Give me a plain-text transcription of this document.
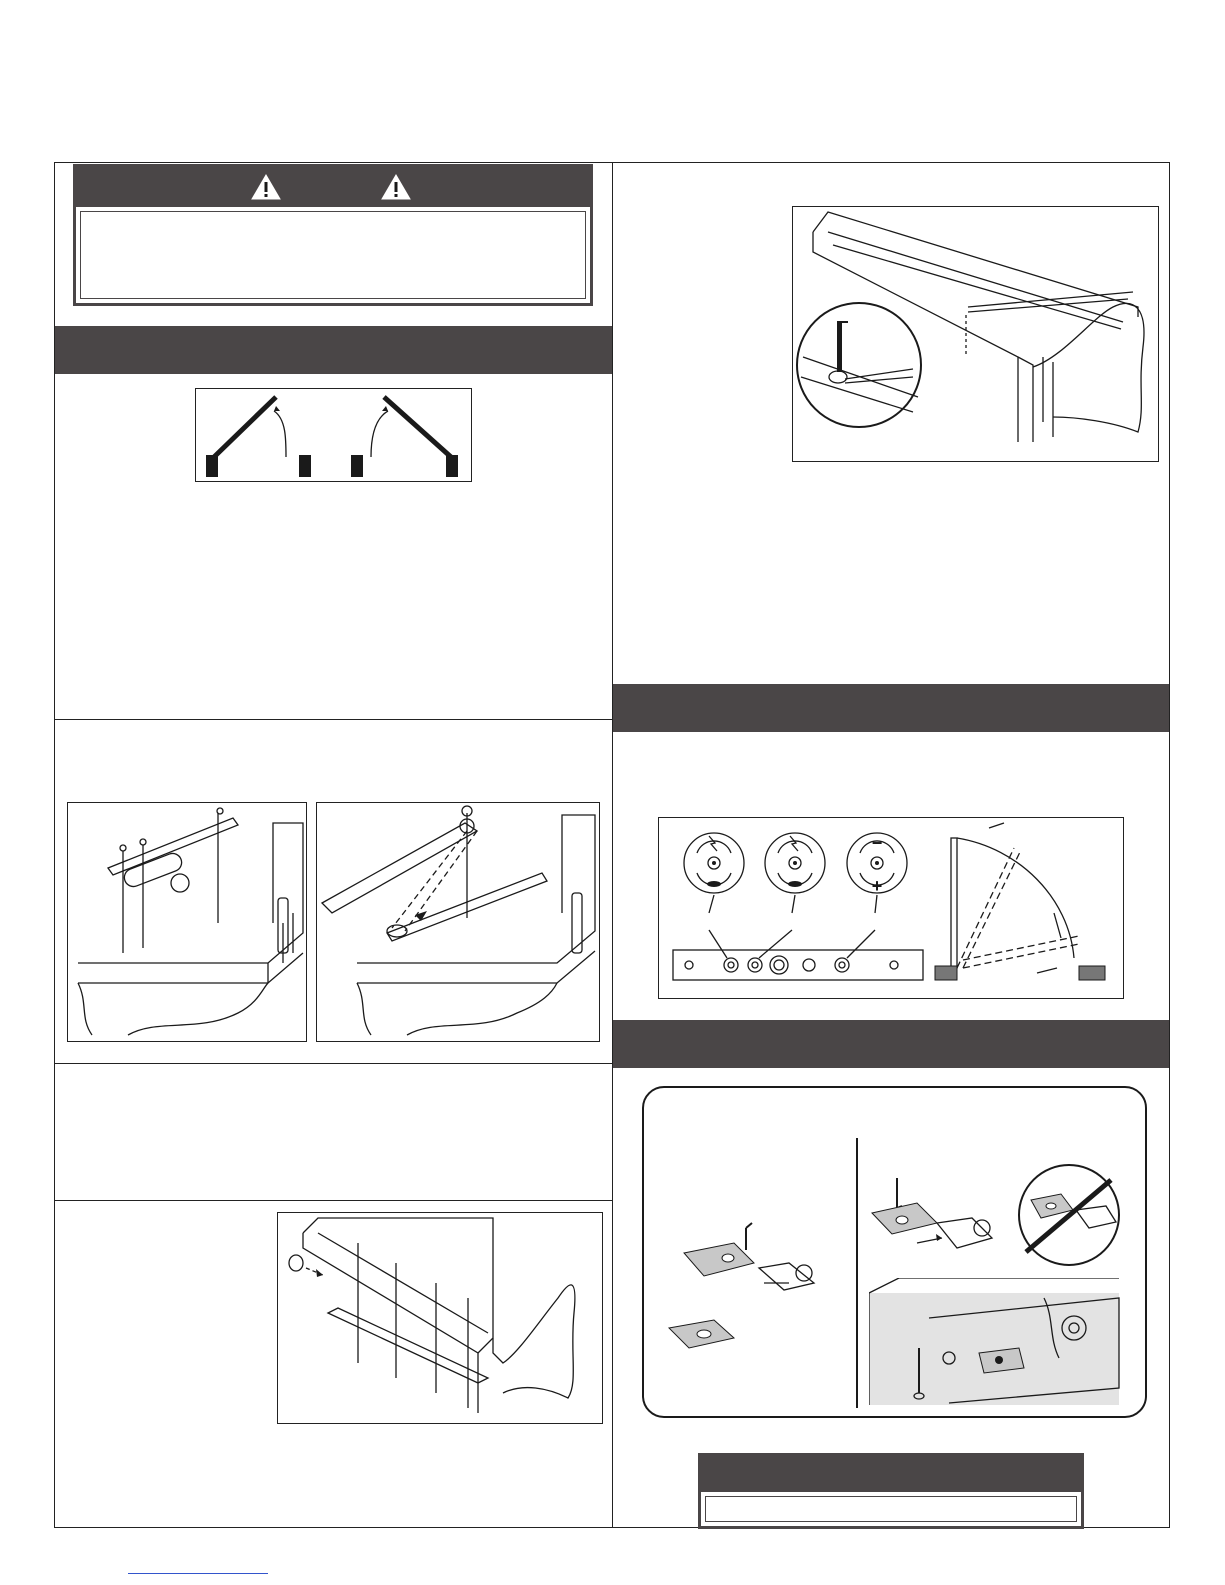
−
+
